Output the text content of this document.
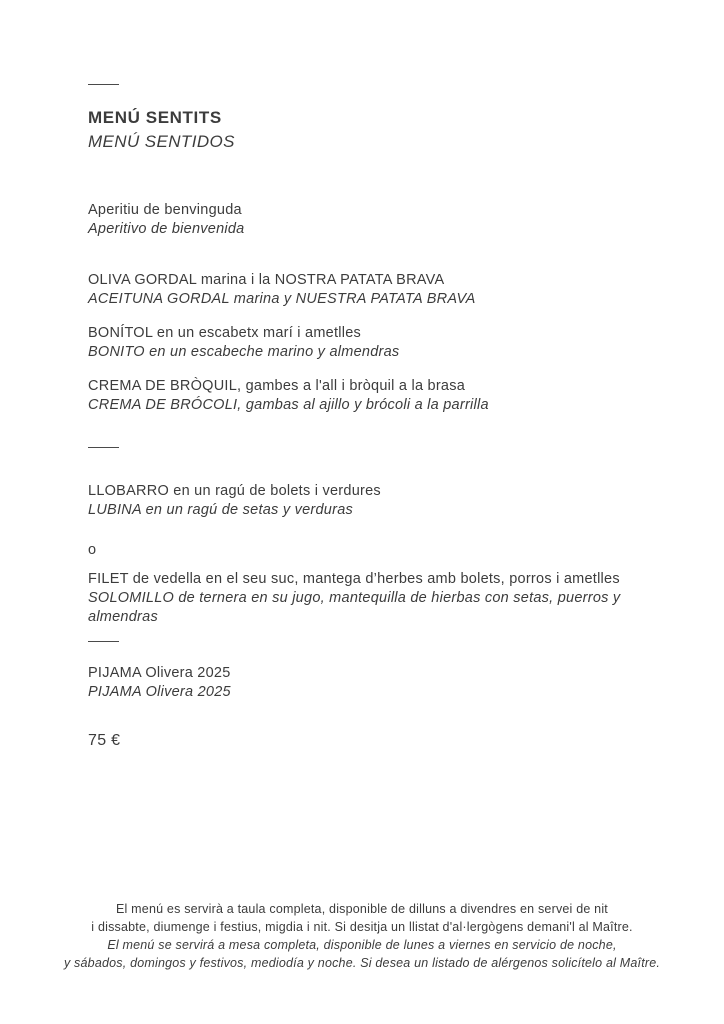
MENÚ SENTITS
MENÚ SENTIDOS
Aperitiu de benvinguda
Aperitivo de bienvenida
OLIVA GORDAL marina i la NOSTRA PATATA BRAVA
ACEITUNA GORDAL marina y NUESTRA PATATA BRAVA
BONÍTOL en un escabetx marí i ametlles
BONITO en un escabeche marino y almendras
CREMA DE BRÒQUIL, gambes a l'all i bròquil a la brasa
CREMA DE BRÓCOLI, gambas al ajillo y brócoli a la parrilla
LLOBARRO en un ragú de bolets i verdures
LUBINA en un ragú de setas y verduras
o
FILET de vedella en el seu suc, mantega d’herbes amb bolets, porros i ametlles
SOLOMILLO de ternera en su jugo, mantequilla de hierbas con setas, puerros y almendras
PIJAMA Olivera 2025
PIJAMA Olivera 2025
75 €
El menú es servirà a taula completa, disponible de dilluns a divendres en servei de nit
i dissabte, diumenge i festius, migdia i nit. Si desitja un llistat d'al·lergògens demani'l al Maître.
El menú se servirá a mesa completa, disponible de lunes a viernes en servicio de noche,
y sábados, domingos y festivos, mediodía y noche. Si desea un listado de alérgenos solicítelo al Maître.
